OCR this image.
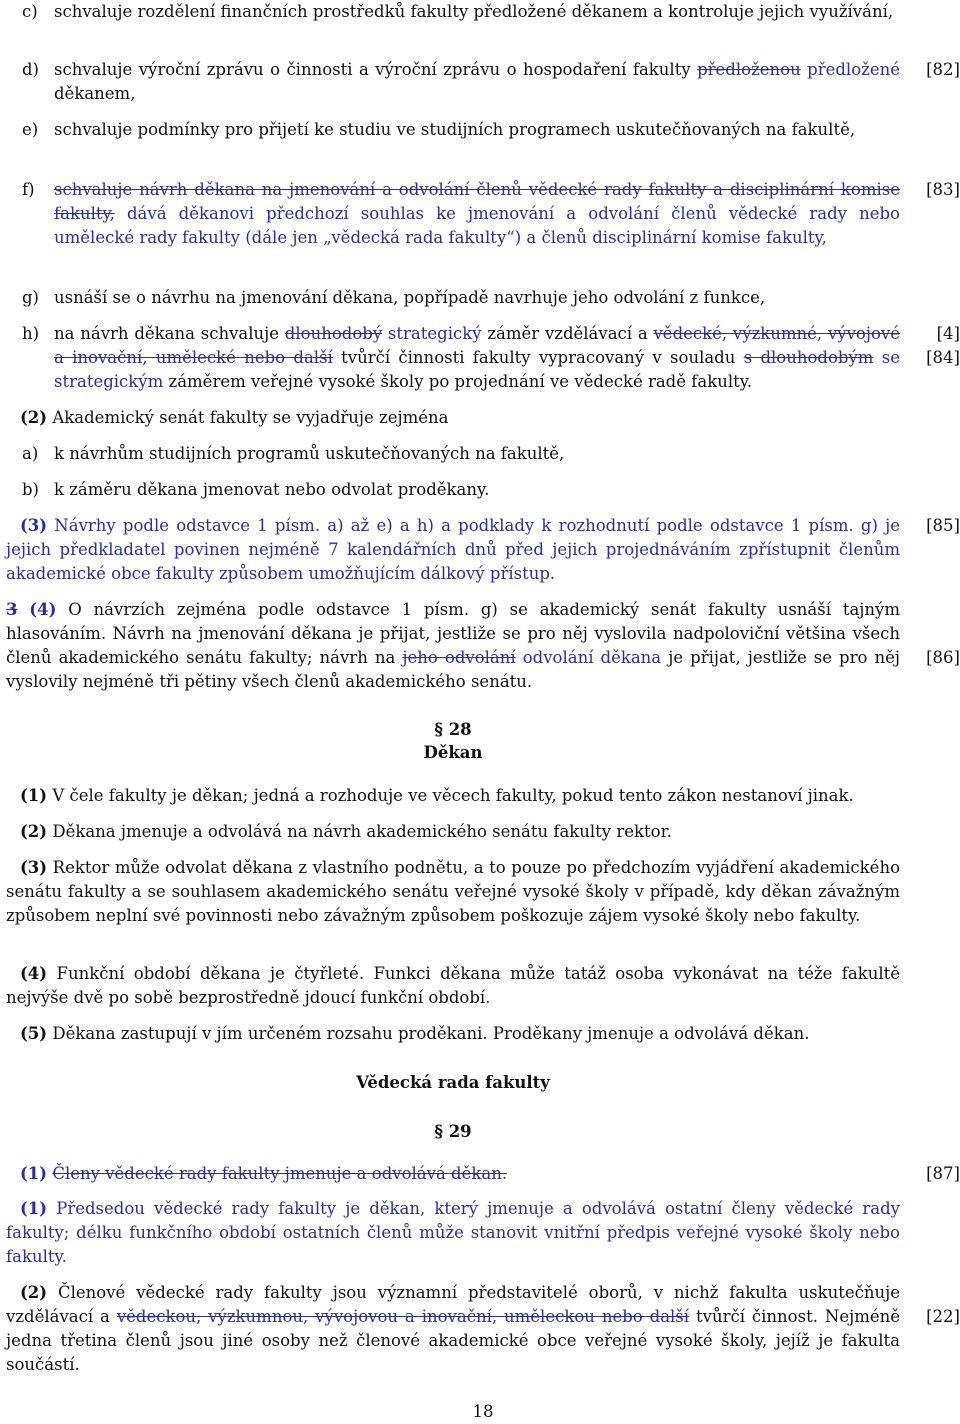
c) schvaluje rozdělení finančních prostředků fakulty předložené děkanem a kontroluje jejich využívání,
d) schvaluje výroční zprávu o činnosti a výroční zprávu o hospodaření fakulty předloženou předložené děkanem,
[82]
e) schvaluje podmínky pro přijetí ke studiu ve studijních programech uskutečňovaných na fakultě,
f)	schvaluje návrh děkana na jmenování a odvolání členů vědecké rady fakulty a disciplinární komise fakulty, dává děkanovi předchozí souhlas ke jmenování a odvolání členů vědecké rady nebo umělecké rady fakulty (dále jen „vědecká rada fakulty“) a členů disciplinární komise fakulty,
[83]
g) usnáší se o návrhu na jmenování děkana, popřípadě navrhuje jeho odvolání z funkce,
h) na návrh děkana schvaluje dlouhodobý strategický záměr vzdělávací a vědecké, výzkumné, vývojové a inovační, umělecké nebo další tvůrčí činnosti fakulty vypracovaný v souladu s dlouhodobým se strategickým záměrem veřejné vysoké školy po projednání ve vědecké radě fakulty.
[4]
[84]
(2) Akademický senát fakulty se vyjadřuje zejména
a) k návrhům studijních programů uskutečňovaných na fakultě,
b) k záměru děkana jmenovat nebo odvolat proděkany.
(3) Návrhy podle odstavce 1 písm. a) až e) a h) a podklady k rozhodnutí podle odstavce 1 písm. g) je jejich předkladatel povinen nejméně 7 kalendářních dnů před jejich projednáváním zpřístupnit členům akademické obce fakulty způsobem umožňujícím dálkový přístup.
[85]
3 (4) O návrzích zejména podle odstavce 1 písm. g) se akademický senát fakulty usnáší tajným hlasováním. Návrh na jmenování děkana je přijat, jestliže se pro něj vyslovila nadpoloviční většina všech členů akademického senátu fakulty; návrh na jeho odvolání odvolání děkana je přijat, jestliže se pro něj vyslovily nejméně tři pětiny všech členů akademického senátu.
[86]
§ 28
Děkan
(1) V čele fakulty je děkan; jedná a rozhoduje ve věcech fakulty, pokud tento zákon nestanoví jinak.
(2) Děkana jmenuje a odvolává na návrh akademického senátu fakulty rektor.
(3) Rektor může odvolat děkana z vlastního podnětu, a to pouze po předchozím vyjádření akademického senátu fakulty a se souhlasem akademického senátu veřejné vysoké školy v případě, kdy děkan závažným způsobem neplní své povinnosti nebo závažným způsobem poškozuje zájem vysoké školy nebo fakulty.
(4) Funkční období děkana je čtyřleté. Funkci děkana může tatáž osoba vykonávat na téže fakultě nejvýše dvě po sobě bezprostředně jdoucí funkční období.
(5) Děkana zastupují v jím určeném rozsahu proděkani. Proděkany jmenuje a odvolává děkan.
Vědecká rada fakulty
§ 29
(1) Členy vědecké rady fakulty jmenuje a odvolává děkan.	[87]
(1) Předsedou vědecké rady fakulty je děkan, který jmenuje a odvolává ostatní členy vědecké rady fakulty; délku funkčního období ostatních členů může stanovit vnitřní předpis veřejné vysoké školy nebo fakulty.
(2) Členové vědecké rady fakulty jsou významní představitelé oborů, v nichž fakulta uskutečňuje vzdělávací a vědeckou, výzkumnou, vývojovou a inovační, uměleckou nebo další tvůrčí činnost. Nejméně jedna třetina členů jsou jiné osoby než členové akademické obce veřejné vysoké školy, jejíž je fakulta součástí.
[22]
18
